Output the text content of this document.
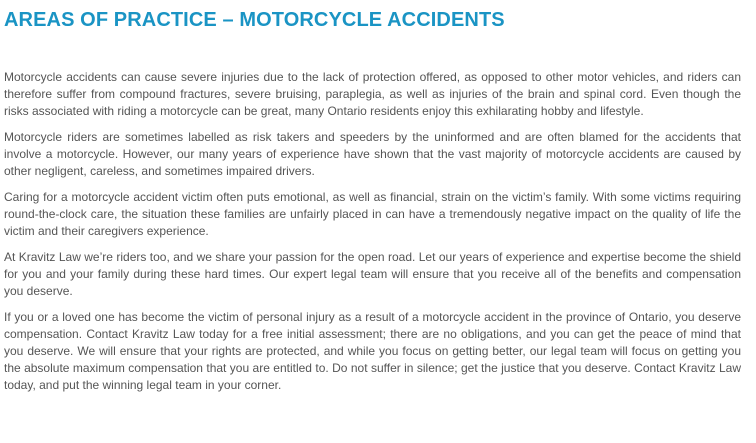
AREAS OF PRACTICE – MOTORCYCLE ACCIDENTS

Motorcycle accidents can cause severe injuries due to the lack of protection offered, as opposed to other motor vehicles, and riders can therefore suffer from compound fractures, severe bruising, paraplegia, as well as injuries of the brain and spinal cord. Even though the risks associated with riding a motorcycle can be great, many Ontario residents enjoy this exhilarating hobby and lifestyle.

Motorcycle riders are sometimes labelled as risk takers and speeders by the uninformed and are often blamed for the accidents that involve a motorcycle. However, our many years of experience have shown that the vast majority of motorcycle accidents are caused by other negligent, careless, and sometimes impaired drivers.

Caring for a motorcycle accident victim often puts emotional, as well as financial, strain on the victim’s family. With some victims requiring round-the-clock care, the situation these families are unfairly placed in can have a tremendously negative impact on the quality of life the victim and their caregivers experience.

At Kravitz Law we’re riders too, and we share your passion for the open road. Let our years of experience and expertise become the shield for you and your family during these hard times. Our expert legal team will ensure that you receive all of the benefits and compensation you deserve.

If you or a loved one has become the victim of personal injury as a result of a motorcycle accident in the province of Ontario, you deserve compensation. Contact Kravitz Law today for a free initial assessment; there are no obligations, and you can get the peace of mind that you deserve. We will ensure that your rights are protected, and while you focus on getting better, our legal team will focus on getting you the absolute maximum compensation that you are entitled to. Do not suffer in silence; get the justice that you deserve. Contact Kravitz Law today, and put the winning legal team in your corner.
